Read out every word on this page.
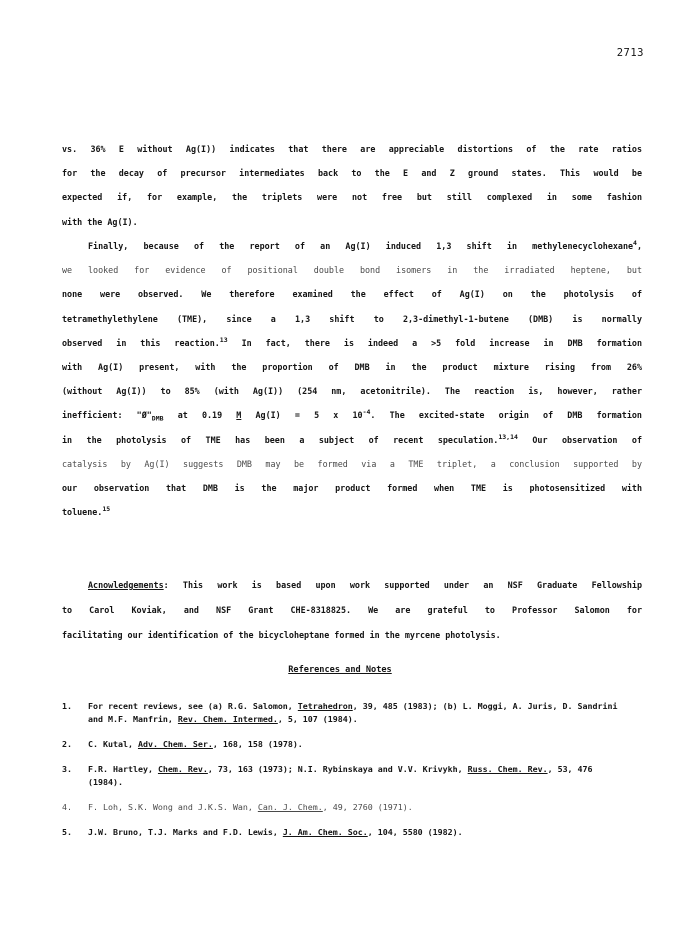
2713
vs. 36% E without Ag(I)) indicates that there are appreciable distortions of the rate ratios
for the decay of precursor intermediates back to the E and Z ground states. This would be
expected if, for example, the triplets were not free but still complexed in some fashion
with the Ag(I).
Finally, because of the report of an Ag(I) induced 1,3 shift in methylenecyclohexane$^4$,
we looked for evidence of positional double bond isomers in the irradiated heptene, but
none were observed. We therefore examined the effect of Ag(I) on the photolysis of
tetramethylethylene (TME), since a 1,3 shift to 2,3-dimethyl-1-butene (DMB) is normally
observed in this reaction.$^{13}$ In fact, there is indeed a >5 fold increase in DMB formation
with Ag(I) present, with the proportion of DMB in the product mixture rising from 26%
(without Ag(I)) to 85% (with Ag(I)) (254 nm, acetonitrile). The reaction is, however, rather
inefficient: "$Ø"_{DMB}$ at 0.19 M Ag(I) = 5 x $10^{-4}$. The excited-state origin of DMB formation
in the photolysis of TME has been a subject of recent speculation.$^{13,14}$ Our observation of
catalysis by Ag(I) suggests DMB may be formed via a TME triplet, a conclusion supported by
our observation that DMB is the major product formed when TME is photosensitized with
toluene.$^{15}$
Acnowledgements: This work is based upon work supported under an NSF Graduate Fellowship
to Carol Koviak, and NSF Grant CHE-8318825. We are grateful to Professor Salomon for
facilitating our identification of the bicycloheptane formed in the myrcene photolysis.
References and Notes
1.	For recent reviews, see (a) R.G. Salomon, Tetrahedron, 39, 485 (1983); (b) L. Moggi, A. Juris, D. Sandrini and M.F. Manfrin, Rev. Chem. Intermed., 5, 107 (1984).
2.	C. Kutal, Adv. Chem. Ser., 168, 158 (1978).
3.	F.R. Hartley, Chem. Rev., 73, 163 (1973); N.I. Rybinskaya and V.V. Krivykh, Russ. Chem. Rev., 53, 476 (1984).
4.	F. Loh, S.K. Wong and J.K.S. Wan, Can. J. Chem., 49, 2760 (1971).
5.	J.W. Bruno, T.J. Marks and F.D. Lewis, J. Am. Chem. Soc., 104, 5580 (1982).
